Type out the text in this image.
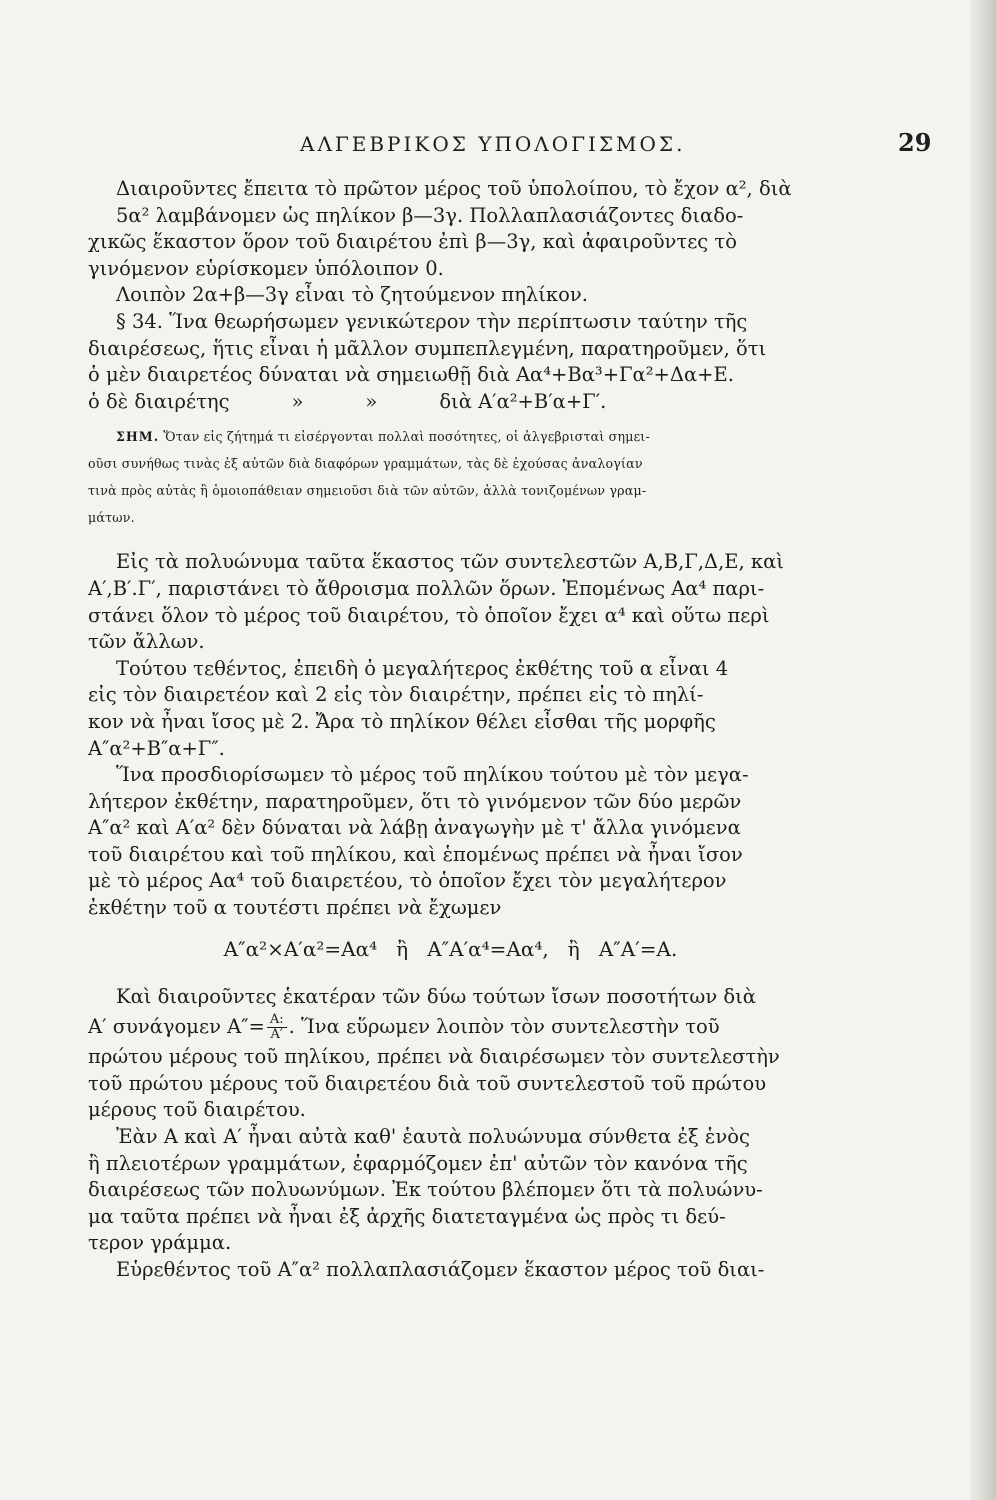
ΑΛΓΕΒΡΙΚΟΣ ΥΠΟΛΟΓΙΣΜΟΣ.	29
Διαιροῦντες ἔπειτα τὸ πρῶτον μέρος τοῦ ὑπολοίπου, τὸ ἔχον α², διὰ 5α² λαμβάνομεν ὡς πηλίκον β—3γ. Πολλαπλασιάζοντες διαδο-
χικῶς ἕκαστον ὅρον τοῦ διαιρέτου ἐπὶ β—3γ, καὶ ἀφαιροῦντες τὸ
γινόμενον εὑρίσκομεν ὑπόλοιπον 0.
Λοιπὸν 2α+β—3γ εἶναι τὸ ζητούμενον πηλίκον.
§ 34. Ἵνα θεωρήσωμεν γενικώτερον τὴν περίπτωσιν ταύτην τῆς
διαιρέσεως, ἥτις εἶναι ἡ μᾶλλον συμπεπλεγμένη, παρατηροῦμεν, ὅτι
ὁ μὲν διαιρετέος δύναται νὰ σημειωθῇ διὰ Αα⁴+Βα³+Γα²+Δα+Ε.
ὁ δὲ διαιρέτης          »          »          διὰ Α′α²+Β′α+Γ′.
ΣΗΜ. Ὅταν εἰς ζήτημά τι εἰσέργονται πολλαὶ ποσότητες, οἱ ἀλγεβρισταὶ σημει-
οῦσι συνήθως τινὰς ἐξ αὐτῶν διὰ διαφόρων γραμμάτων, τὰς δὲ ἐχούσας ἀναλογίαν
τινὰ πρὸς αὐτὰς ἢ ὁμοιοπάθειαν σημειοῦσι διὰ τῶν αὐτῶν, ἀλλὰ τονιζομένων γραμ-
μάτων.
Εἰς τὰ πολυώνυμα ταῦτα ἕκαστος τῶν συντελεστῶν Α,Β,Γ,Δ,Ε, καὶ
Α′,Β′.Γ′, παριστάνει τὸ ἄθροισμα πολλῶν ὅρων. Ἑπομένως Αα⁴ παρι-
στάνει ὅλον τὸ μέρος τοῦ διαιρέτου, τὸ ὁποῖον ἔχει α⁴ καὶ οὕτω περὶ
τῶν ἄλλων.
Τούτου τεθέντος, ἐπειδὴ ὁ μεγαλήτερος ἐκθέτης τοῦ α εἶναι 4
εἰς τὸν διαιρετέον καὶ 2 εἰς τὸν διαιρέτην, πρέπει εἰς τὸ πηλί-
κον νὰ ἦναι ἴσος μὲ 2. Ἄρα τὸ πηλίκον θέλει εἶσθαι τῆς μορφῆς
Α″α²+Β″α+Γ″.
Ἵνα προσδιορίσωμεν τὸ μέρος τοῦ πηλίκου τούτου μὲ τὸν μεγα-
λήτερον ἐκθέτην, παρατηροῦμεν, ὅτι τὸ γινόμενον τῶν δύο μερῶν
Α″α² καὶ Α′α² δὲν δύναται νὰ λάβῃ ἀναγωγὴν μὲ τ' ἄλλα γινόμενα
τοῦ διαιρέτου καὶ τοῦ πηλίκου, καὶ ἑπομένως πρέπει νὰ ἦναι ἴσον
μὲ τὸ μέρος Αα⁴ τοῦ διαιρετέου, τὸ ὁποῖον ἔχει τὸν μεγαλήτερον
ἐκθέτην τοῦ α τουτέστι πρέπει νὰ ἔχωμεν
Α″α²×Α′α²=Αα⁴   ἢ   Α″Α′α⁴=Αα⁴,   ἢ   Α″Α′=Α.
Καὶ διαιροῦντες ἑκατέραν τῶν δύω τούτων ἴσων ποσοτήτων διὰ
Α′ συνάγομεν $A''= \frac{A:}{A'}$ . Ἵνα εὕρωμεν λοιπὸν τὸν συντελεστὴν τοῦ
πρώτου μέρους τοῦ πηλίκου, πρέπει νὰ διαιρέσωμεν τὸν συντελεστὴν
τοῦ πρώτου μέρους τοῦ διαιρετέου διὰ τοῦ συντελεστοῦ τοῦ πρώτου
μέρους τοῦ διαιρέτου.
Ἐὰν Α καὶ Α′ ἦναι αὐτὰ καθ' ἑαυτὰ πολυώνυμα σύνθετα ἐξ ἑνὸς
ἢ πλειοτέρων γραμμάτων, ἐφαρμόζομεν ἐπ' αὐτῶν τὸν κανόνα τῆς
διαιρέσεως τῶν πολυωνύμων. Ἐκ τούτου βλέπομεν ὅτι τὰ πολυώνυ-
μα ταῦτα πρέπει νὰ ἦναι ἐξ ἀρχῆς διατεταγμένα ὡς πρὸς τι δεύ-
τερον γράμμα.
Εὑρεθέντος τοῦ Α″α² πολλαπλασιάζομεν ἕκαστον μέρος τοῦ διαι-
